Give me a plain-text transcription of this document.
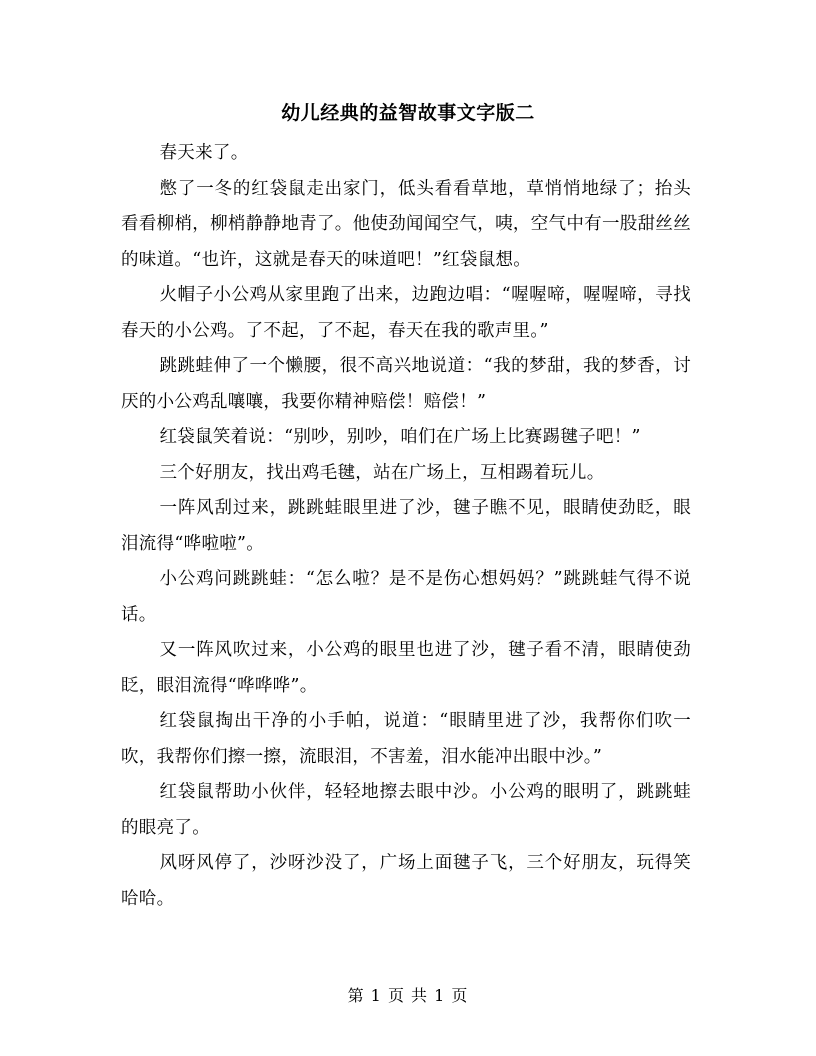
幼儿经典的益智故事文字版二

春天来了。

憋了一冬的红袋鼠走出家门，低头看看草地，草悄悄地绿了；抬头看看柳梢，柳梢静静地青了。他使劲闻闻空气，咦，空气中有一股甜丝丝的味道。“也许，这就是春天的味道吧！”红袋鼠想。

火帽子小公鸡从家里跑了出来，边跑边唱：“喔喔啼，喔喔啼，寻找春天的小公鸡。了不起，了不起，春天在我的歌声里。”

跳跳蛙伸了一个懒腰，很不高兴地说道：“我的梦甜，我的梦香，讨厌的小公鸡乱嚷嚷，我要你精神赔偿！赔偿！”

红袋鼠笑着说：“别吵，别吵，咱们在广场上比赛踢毽子吧！”

三个好朋友，找出鸡毛毽，站在广场上，互相踢着玩儿。

一阵风刮过来，跳跳蛙眼里进了沙，毽子瞧不见，眼睛使劲眨，眼泪流得“哗啦啦”。

小公鸡问跳跳蛙：“怎么啦？是不是伤心想妈妈？”跳跳蛙气得不说话。

又一阵风吹过来，小公鸡的眼里也进了沙，毽子看不清，眼睛使劲眨，眼泪流得“哗哗哗”。

红袋鼠掏出干净的小手帕，说道：“眼睛里进了沙，我帮你们吹一吹，我帮你们擦一擦，流眼泪，不害羞，泪水能冲出眼中沙。”

红袋鼠帮助小伙伴，轻轻地擦去眼中沙。小公鸡的眼明了，跳跳蛙的眼亮了。

风呀风停了，沙呀沙没了，广场上面毽子飞，三个好朋友，玩得笑哈哈。

第 1 页 共 1 页
